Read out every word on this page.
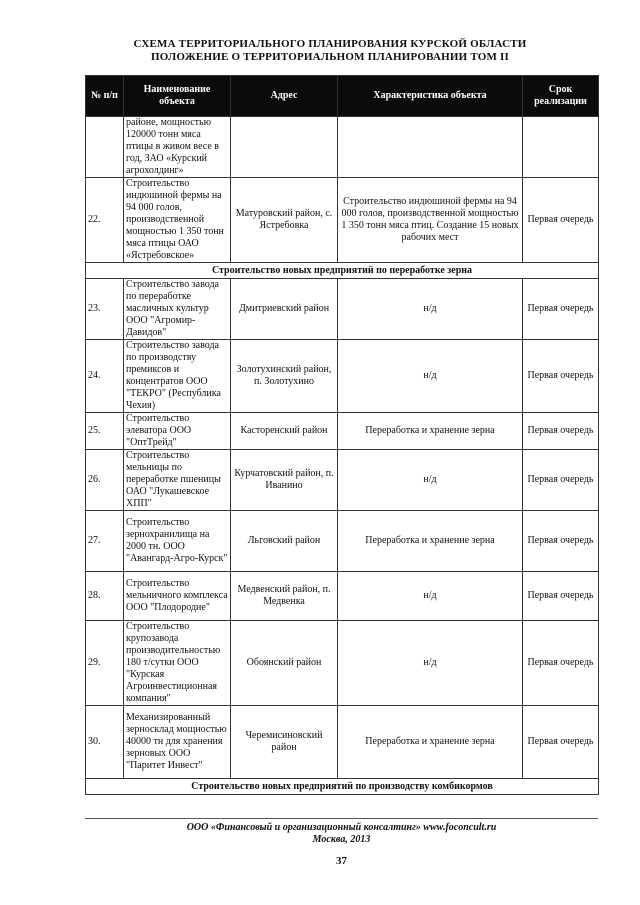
СХЕМА ТЕРРИТОРИАЛЬНОГО ПЛАНИРОВАНИЯ КУРСКОЙ ОБЛАСТИ
ПОЛОЖЕНИЕ О ТЕРРИТОРИАЛЬНОМ ПЛАНИРОВАНИИ ТОМ II
№ п/п	Наименование объекта	Адрес	Характеристика объекта	Срок реализации
	районе, мощностью 120000 тонн мяса птицы в живом весе в год, ЗАО «Курский агрохолдинг»			
22.	Строительство индюшиной фермы на 94 000 голов, производственной мощностью 1 350 тонн мяса птицы ОАО «Ястребовское»	Матуровский район, с. Ястребовка	Строительство индюшиной фермы на 94 000 голов, производственной мощностью 1 350 тонн мяса птиц. Создание 15 новых рабочих мест	Первая очередь
Строительство новых предприятий по переработке зерна				
23.	Строительство завода по переработке масличных культур ООО "Агромир-Давидов"	Дмитриевский район	н/д	Первая очередь
24.	Строительство завода по производству премиксов и концентратов ООО "ТЕКРО" (Республика Чехия)	Золотухинский район, п. Золотухино	н/д	Первая очередь
25.	Строительство элеватора ООО "ОптТрейд"	Касторенский район	Переработка и хранение зерна	Первая очередь
26.	Строительство мельницы по переработке пшеницы ОАО "Лукашевское ХПП"	Курчатовский район, п. Иванино	н/д	Первая очередь
27.	Строительство зернохранилища на 2000 тн. ООО "Авангард-Агро-Курск"	Льговский район	Переработка и хранение зерна	Первая очередь
28.	Строительство мельничного комплекса ООО "Плодородие"	Медвенский район, п. Медвенка	н/д	Первая очередь
29.	Строительство крупозавода производительностью 180 т/сутки ООО "Курская Агроинвестиционная компания"	Обоянский район	н/д	Первая очередь
30.	Механизированный зерносклад мощностью 40000 тн для хранения зерновых ООО "Паритет Инвест"	Черемисиновский район	Переработка и хранение зерна	Первая очередь
Строительство новых предприятий по производству комбикормов				
ООО «Финансовый и организационный консалтинг» www.foconcult.ru
Москва, 2013
37
